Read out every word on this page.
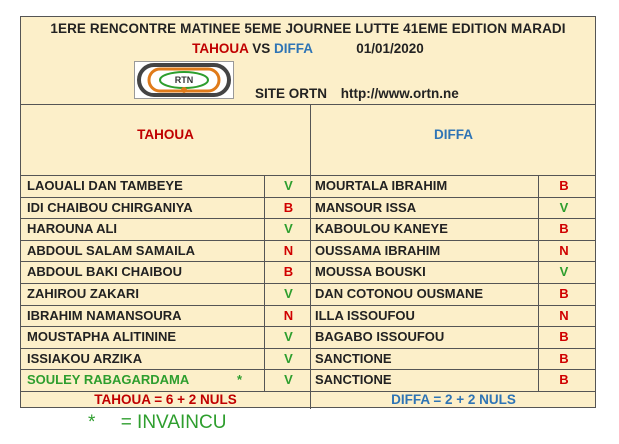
1ERE RENCONTRE MATINEE 5EME JOURNEE LUTTE 41EME EDITION MARADI
TAHOUA VS DIFFA	01/01/2020
RTN
SITE ORTN http://www.ortn.ne
TAHOUA	DIFFA
LAOUALI DAN TAMBEYE	V	MOURTALA IBRAHIM	B
IDI CHAIBOU CHIRGANIYA	B	MANSOUR ISSA	V
HAROUNA ALI	V	KABOULOU KANEYE	B
ABDOUL SALAM SAMAILA	N	OUSSAMA IBRAHIM	N
ABDOUL BAKI CHAIBOU	B	MOUSSA BOUSKI	V
ZAHIROU ZAKARI	V	DAN COTONOU OUSMANE	B
IBRAHIM NAMANSOURA	N	ILLA ISSOUFOU	N
MOUSTAPHA ALITININE	V	BAGABO ISSOUFOU	B
ISSIAKOU ARZIKA	V	SANCTIONE	B
SOULEY RABAGARDAMA	V	SANCTIONE	B
*
TAHOUA = 6 + 2 NULS	DIFFA = 2 + 2 NULS
* = INVAINCU
